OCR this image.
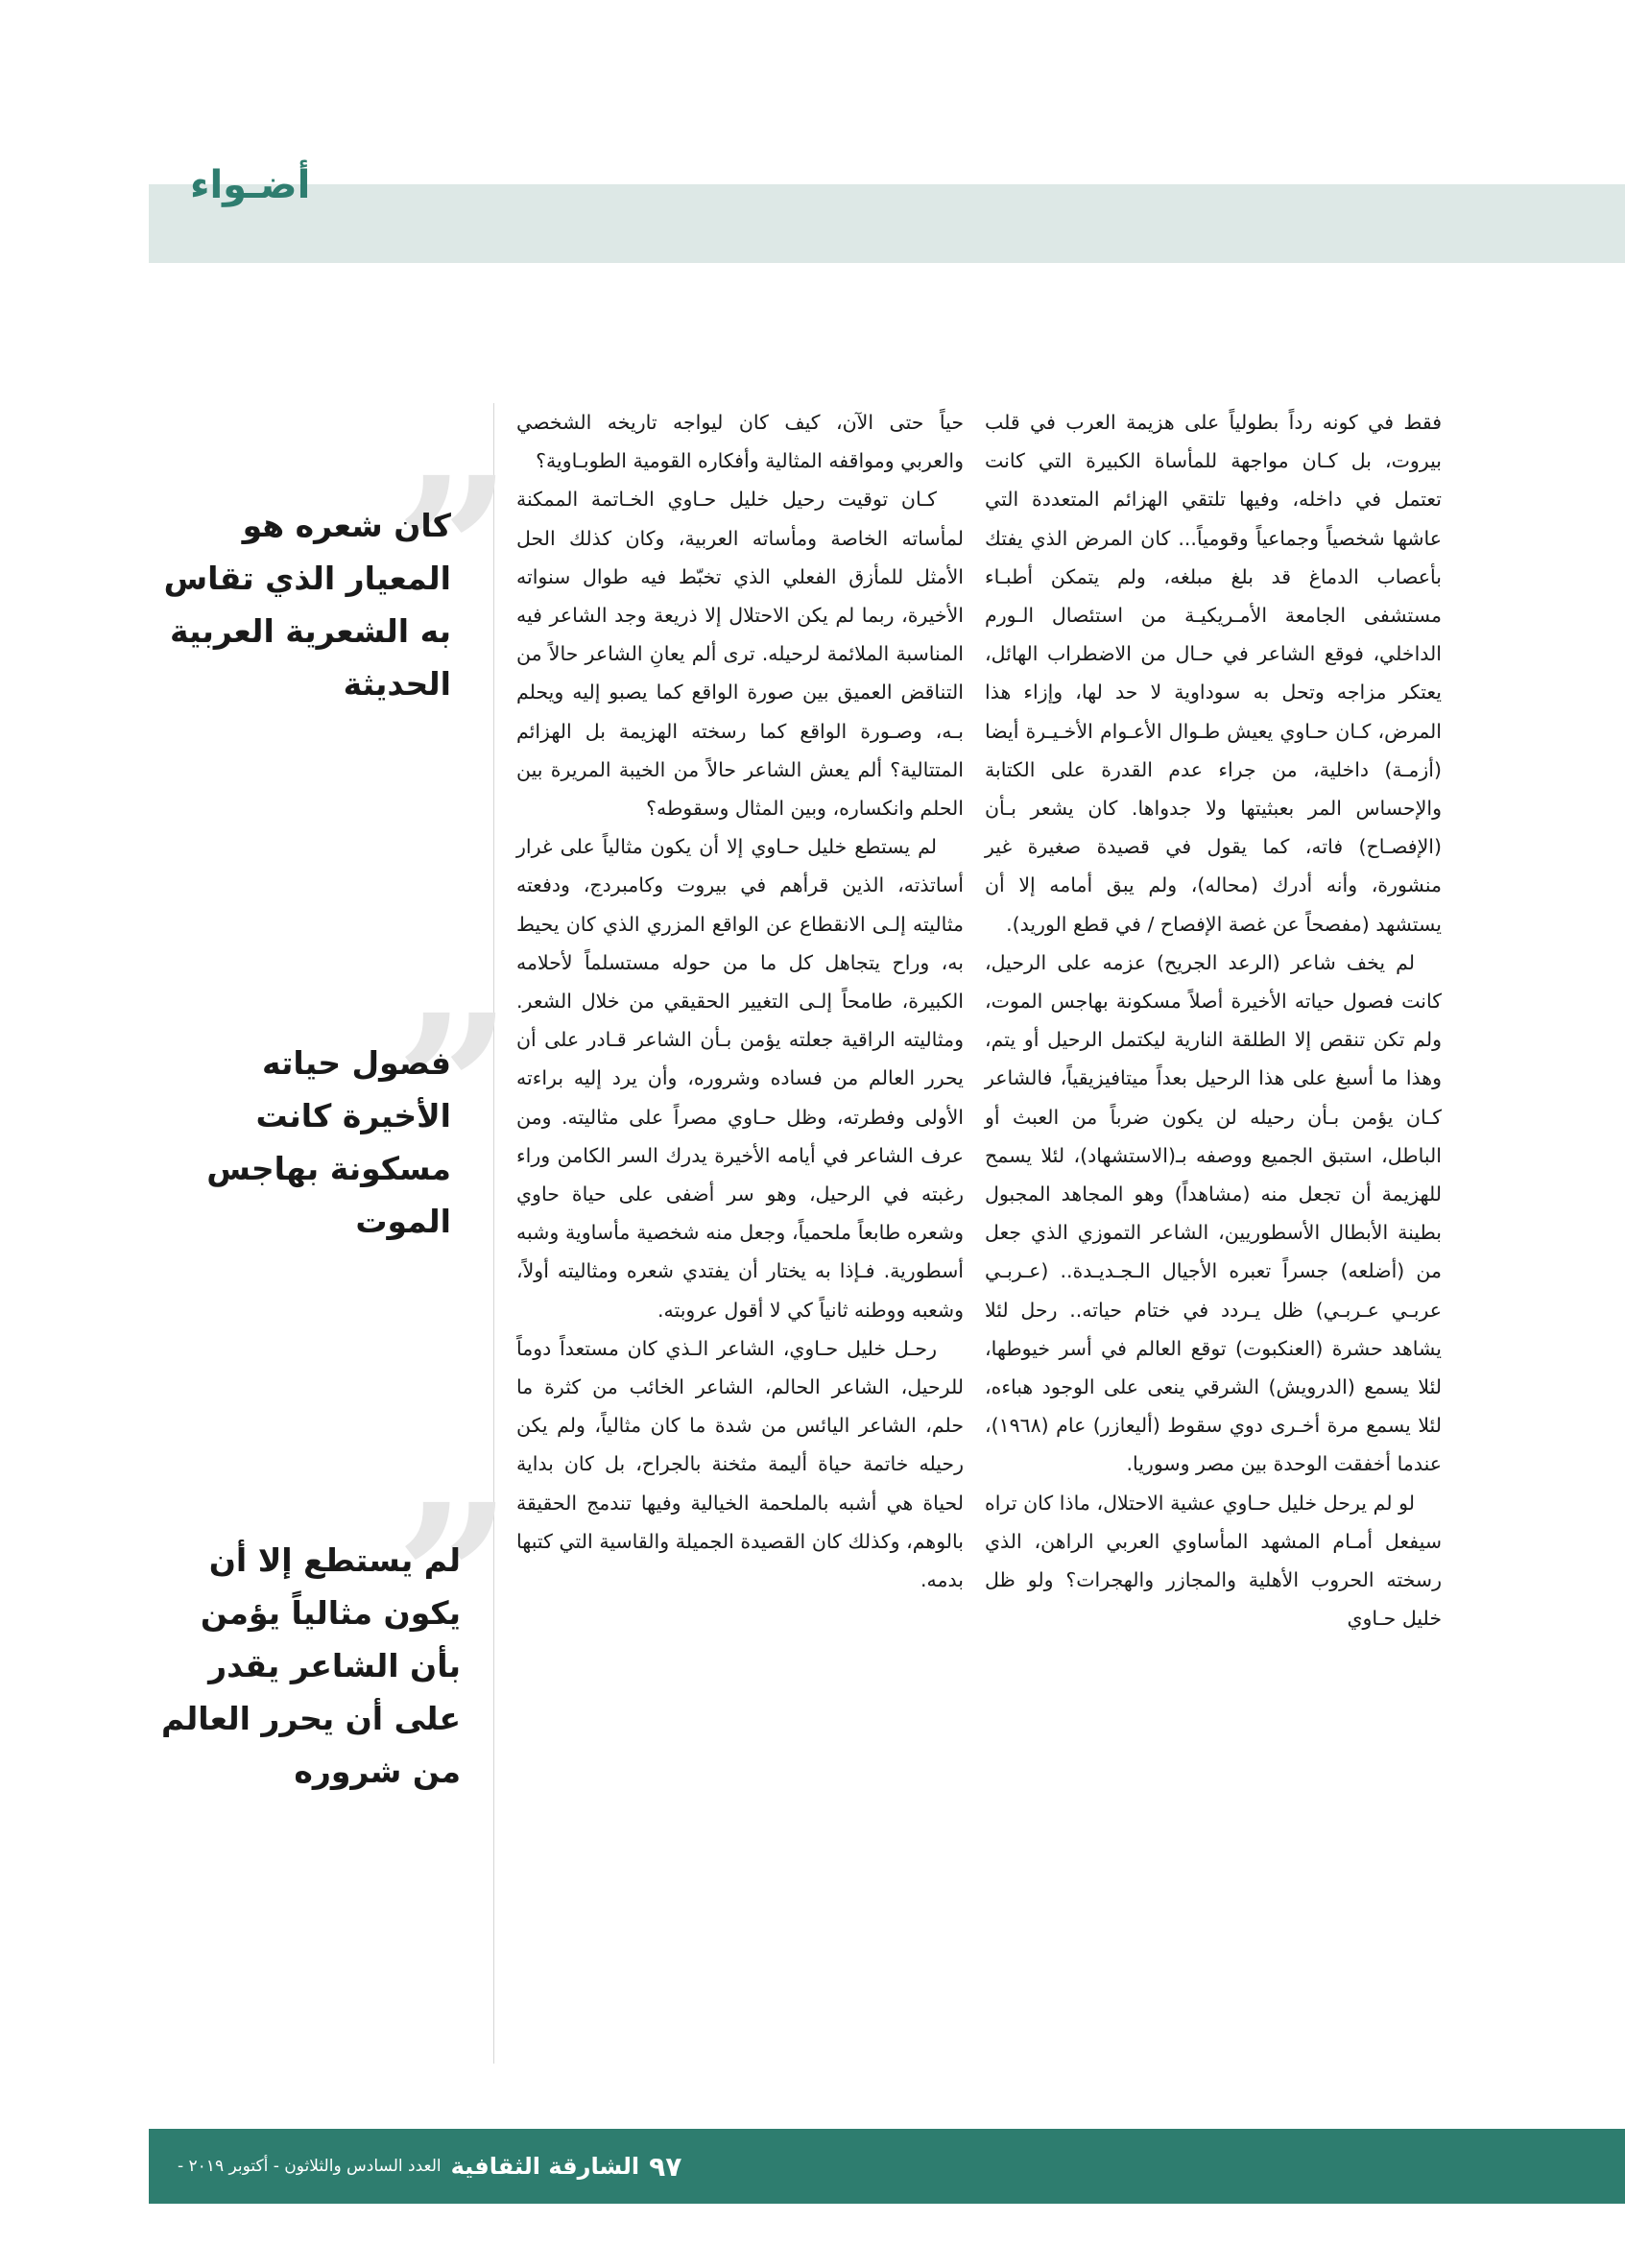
أضـواء

فقط في كونه رداً بطولياً على هزيمة العرب في قلب بيروت، بل كـان مواجهة للمأساة الكبيرة التي كانت تعتمل في داخله، وفيها تلتقي الهزائم المتعددة التي عاشها شخصياً وجماعياً وقومياً... كان المرض الذي يفتك بأعصاب الدماغ قد بلغ مبلغه، ولم يتمكن أطبـاء مستشفى الجامعة الأمـريكيـة من استئصال الـورم الداخلي، فوقع الشاعر في حـال من الاضطراب الهائل، يعتكر مزاجه وتحل به سوداوية لا حد لها، وإزاء هذا المرض، كـان حـاوي يعيش طـوال الأعـوام الأخـيـرة أيضا (أزمـة) داخلية، من جراء عدم القدرة على الكتابة والإحساس المر بعبثيتها ولا جدواها. كان يشعر بـأن (الإفصـاح) فاته، كما يقول في قصيدة صغيرة غير منشورة، وأنه أدرك (محاله)، ولم يبق أمامه إلا أن يستشهد (مفصحاً عن غصة الإفصاح / في قطع الوريد).

لم يخف شاعر (الرعد الجريح) عزمه على الرحيل، كانت فصول حياته الأخيرة أصلاً مسكونة بهاجس الموت، ولم تكن تنقص إلا الطلقة النارية ليكتمل الرحيل أو يتم، وهذا ما أسبغ على هذا الرحيل بعداً ميتافيزيقياً، فالشاعر كـان يؤمن بـأن رحيله لن يكون ضرباً من العبث أو الباطل، استبق الجميع ووصفه بـ(الاستشهاد)، لئلا يسمح للهزيمة أن تجعل منه (مشاهداً) وهو المجاهد المجبول بطينة الأبطال الأسطوريين، الشاعر التموزي الذي جعل من (أضلعه) جسراً تعبره الأجيال الـجـديـدة.. (عـربـي عربـي عـربـي) ظل يـردد في ختام حياته.. رحل لئلا يشاهد حشرة (العنكبوت) توقع العالم في أسر خيوطها، لئلا يسمع (الدرويش) الشرقي ينعى على الوجود هباءه، لئلا يسمع مرة أخـرى دوي سقوط (أليعازر) عام (١٩٦٨)، عندما أخفقت الوحدة بين مصر وسوريا.

لو لم يرحل خليل حـاوي عشية الاحتلال، ماذا كان تراه سيفعل أمـام المشهد المأساوي العربي الراهن، الذي رسخته الحروب الأهلية والمجازر والهجرات؟ ولو ظل خليل حـاوي

حياً حتى الآن، كيف كان ليواجه تاريخه الشخصي والعربي ومواقفه المثالية وأفكاره القومية الطوبـاوية؟

كـان توقيت رحيل خليل حـاوي الخـاتمة الممكنة لمأساته الخاصة ومأساته العربية، وكان كذلك الحل الأمثل للمأزق الفعلي الذي تخبّط فيه طوال سنواته الأخيرة، ربما لم يكن الاحتلال إلا ذريعة وجد الشاعر فيه المناسبة الملائمة لرحيله. ترى ألم يعانِ الشاعر حالاً من التناقض العميق بين صورة الواقع كما يصبو إليه ويحلم بـه، وصـورة الواقع كما رسخته الهزيمة بل الهزائم المتتالية؟ ألم يعش الشاعر حالاً من الخيبة المريرة بين الحلم وانكساره، وبين المثال وسقوطه؟

لم يستطع خليل حـاوي إلا أن يكون مثالياً على غرار أساتذته، الذين قرأهم في بيروت وكامبردج، ودفعته مثاليته إلـى الانقطاع عن الواقع المزري الذي كان يحيط به، وراح يتجاهل كل ما من حوله مستسلماً لأحلامه الكبيرة، طامحاً إلـى التغيير الحقيقي من خلال الشعر. ومثاليته الراقية جعلته يؤمن بـأن الشاعر قـادر على أن يحرر العالم من فساده وشروره، وأن يرد إليه براءته الأولى وفطرته، وظل حـاوي مصراً على مثاليته. ومن عرف الشاعر في أيامه الأخيرة يدرك السر الكامن وراء رغبته في الرحيل، وهو سر أضفى على حياة حاوي وشعره طابعاً ملحمياً، وجعل منه شخصية مأساوية وشبه أسطورية. فـإذا به يختار أن يفتدي شعره ومثاليته أولاً، وشعبه ووطنه ثانياً كي لا أقول عروبته.

رحـل خليل حـاوي، الشاعر الـذي كان مستعداً دوماً للرحيل، الشاعر الحالم، الشاعر الخائب من كثرة ما حلم، الشاعر اليائس من شدة ما كان مثالياً، ولم يكن رحيله خاتمة حياة أليمة مثخنة بالجراح، بل كان بداية لحياة هي أشبه بالملحمة الخيالية وفيها تندمج الحقيقة بالوهم، وكذلك كان القصيدة الجميلة والقاسية التي كتبها بدمه.

”
كان شعره هو المعيار الذي تقاس به الشعرية العربية الحديثة
”
فصول حياته الأخيرة كانت مسكونة بهاجس الموت
”
لم يستطع إلا أن يكون مثالياً يؤمن بأن الشاعر يقدر على أن يحرر العالم من شروره
٩٧
الشارقة الثقافية
العدد السادس والثلاثون - أكتوبر ٢٠١٩ -
